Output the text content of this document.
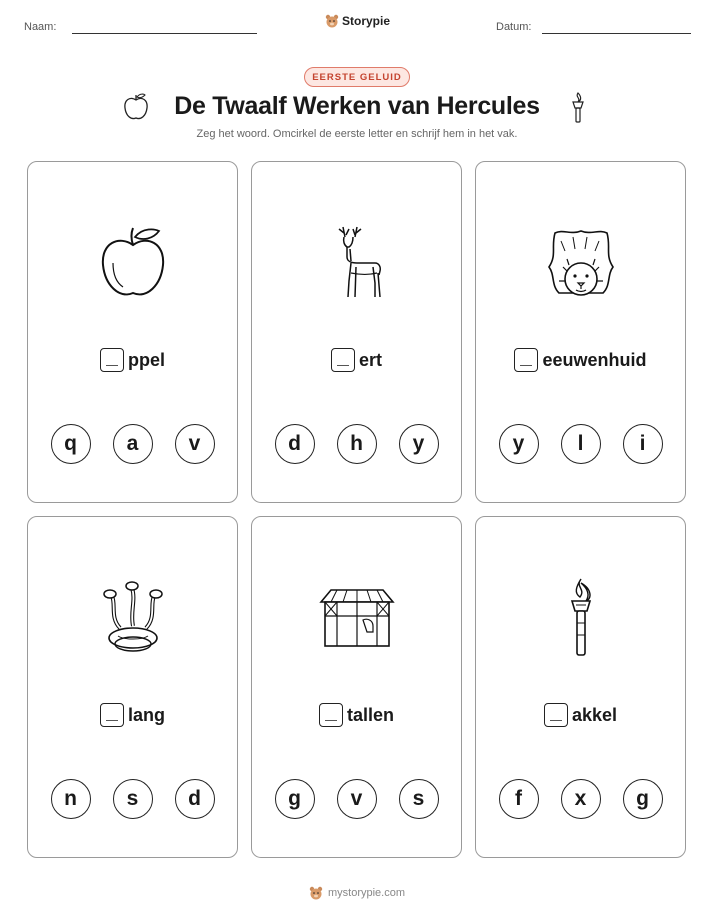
Naam:	Storypie	Datum:
EERSTE GELUID
De Twaalf Werken van Hercules
Zeg het woord. Omcirkel de eerste letter en schrijf hem in het vak.
ppel
q	a	v
ert
d	h	y
eeuwenhuid
y	l	i
lang
n	s	d
tallen
g	v	s
akkel
f	x	g
mystorypie.com
